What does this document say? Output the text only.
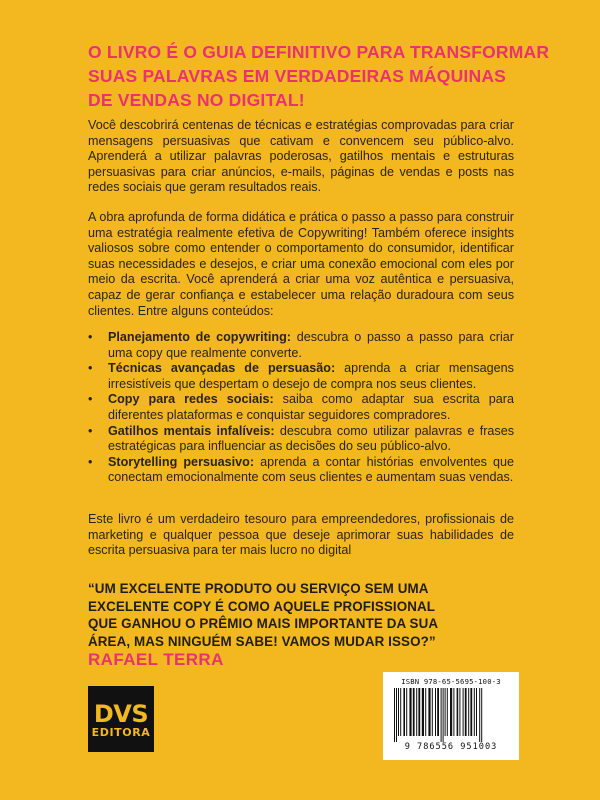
O LIVRO É O GUIA DEFINITIVO PARA TRANSFORMAR
SUAS PALAVRAS EM VERDADEIRAS MÁQUINAS
DE VENDAS NO DIGITAL!

Você descobrirá centenas de técnicas e estratégias comprovadas para criar mensagens persuasivas que cativam e convencem seu público-alvo. Aprenderá a utilizar palavras poderosas, gatilhos mentais e estruturas persuasivas para criar anúncios, e-mails, páginas de vendas e posts nas redes sociais que geram resultados reais.

A obra aprofunda de forma didática e prática o passo a passo para construir uma estratégia realmente efetiva de Copywriting! Também oferece insights valiosos sobre como entender o comportamento do consumidor, identificar suas necessidades e desejos, e criar uma conexão emocional com eles por meio da escrita. Você aprenderá a criar uma voz autêntica e persuasiva, capaz de gerar confiança e estabelecer uma relação duradoura com seus clientes. Entre alguns conteúdos:

• Planejamento de copywriting: descubra o passo a passo para criar uma copy que realmente converte.
• Técnicas avançadas de persuasão: aprenda a criar mensagens irresistíveis que despertam o desejo de compra nos seus clientes.
• Copy para redes sociais: saiba como adaptar sua escrita para diferentes plataformas e conquistar seguidores compradores.
• Gatilhos mentais infalíveis: descubra como utilizar palavras e frases estratégicas para influenciar as decisões do seu público-alvo.
• Storytelling persuasivo: aprenda a contar histórias envolventes que conectam emocionalmente com seus clientes e aumentam suas vendas.

Este livro é um verdadeiro tesouro para empreendedores, profissionais de marketing e qualquer pessoa que deseje aprimorar suas habilidades de escrita persuasiva para ter mais lucro no digital

“UM EXCELENTE PRODUTO OU SERVIÇO SEM UMA
EXCELENTE COPY É COMO AQUELE PROFISSIONAL
QUE GANHOU O PRÊMIO MAIS IMPORTANTE DA SUA
ÁREA, MAS NINGUÉM SABE! VAMOS MUDAR ISSO?”
RAFAEL TERRA
DVS
EDITORA
ISBN 978-65-5695-100-3
9 786556 951003
